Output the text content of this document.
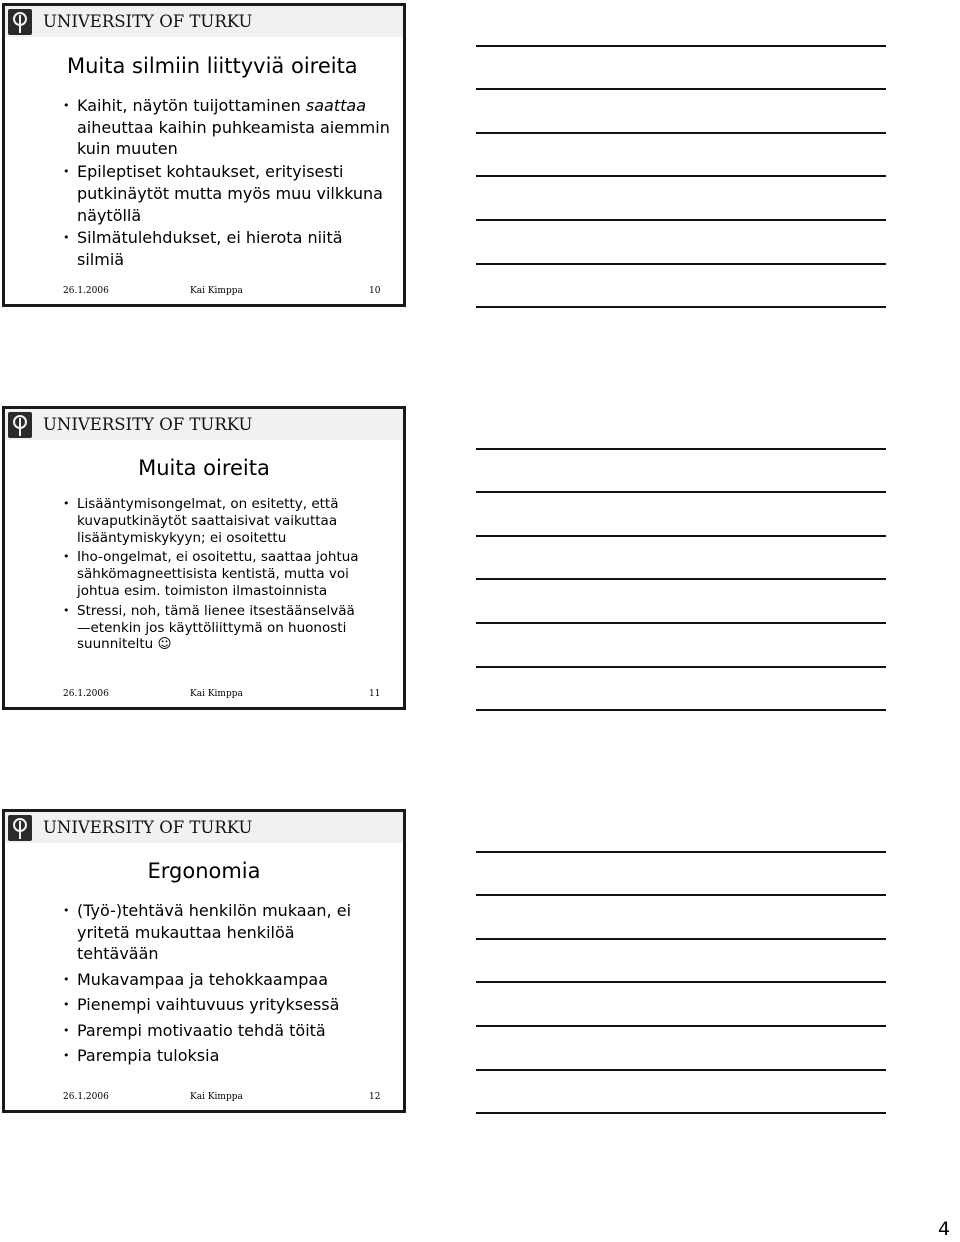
UNIVERSITY OF TURKU
Muita silmiin liittyviä oireita
• Kaihit, näytön tuijottaminen saattaa aiheuttaa kaihin puhkeamista aiemmin kuin muuten
• Epileptiset kohtaukset, erityisesti putkinäytöt mutta myös muu vilkkuna näytöllä
• Silmätulehdukset, ei hierota niitä silmiä
26.1.2006	Kai Kimppa	10
UNIVERSITY OF TURKU
Muita oireita
• Lisääntymisongelmat, on esitetty, että kuvaputkinäytöt saattaisivat vaikuttaa lisääntymiskykyyn; ei osoitettu
• Iho-ongelmat, ei osoitettu, saattaa johtua sähkömagneettisista kentistä, mutta voi johtua esim. toimiston ilmastoinnista
• Stressi, noh, tämä lienee itsestäänselvää—etenkin jos käyttöliittymä on huonosti suunniteltu ☺
26.1.2006	Kai Kimppa	11
UNIVERSITY OF TURKU
Ergonomia
• (Työ-)tehtävä henkilön mukaan, ei yritetä mukauttaa henkilöä tehtävään
• Mukavampaa ja tehokkaampaa
• Pienempi vaihtuvuus yrityksessä
• Parempi motivaatio tehdä töitä
• Parempia tuloksia
26.1.2006	Kai Kimppa	12
4
